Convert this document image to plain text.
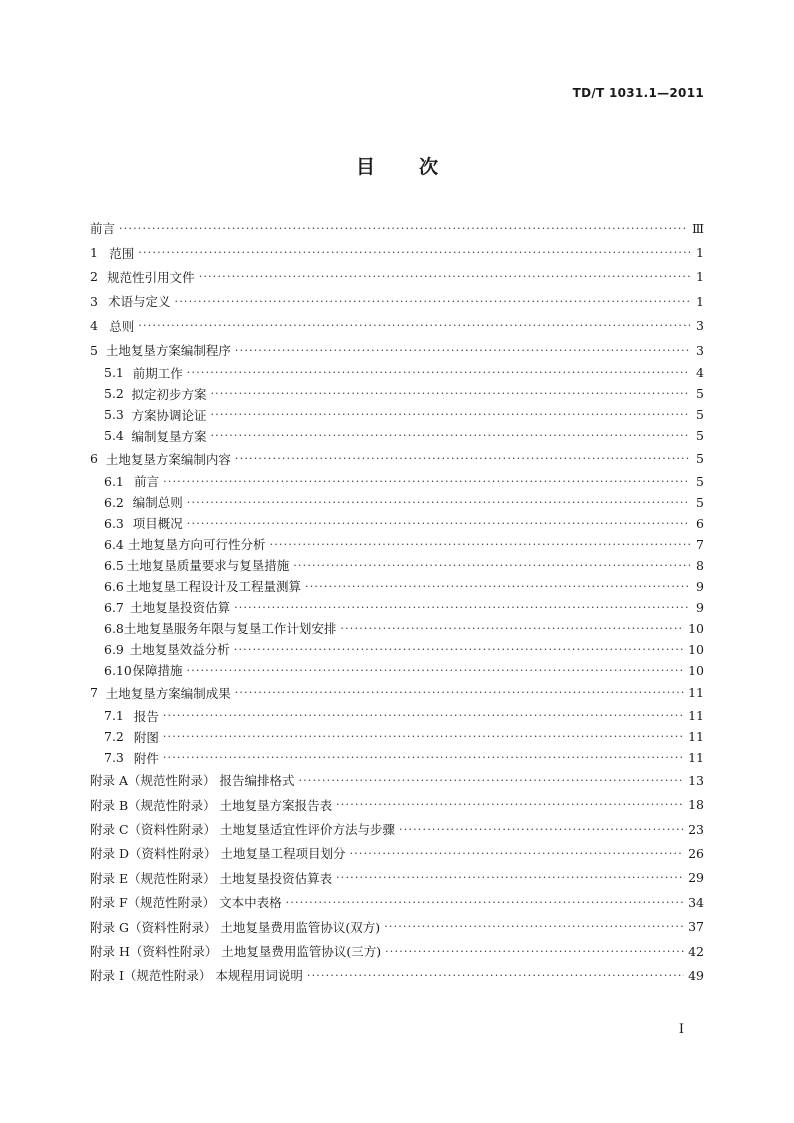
TD/T 1031.1—2011
目 次
前言 ·····	Ⅲ
1 范围 ·····	1
2 规范性引用文件 ·····	1
3 术语与定义 ·····	1
4 总则 ·····	3
5 土地复垦方案编制程序 ·····	3
5.1 前期工作 ·····	4
5.2 拟定初步方案 ·····	5
5.3 方案协调论证 ·····	5
5.4 编制复垦方案 ·····	5
6 土地复垦方案编制内容 ·····	5
6.1 前言 ·····	5
6.2 编制总则 ·····	5
6.3 项目概况 ·····	6
6.4 土地复垦方向可行性分析 ·····	7
6.5 土地复垦质量要求与复垦措施 ·····	8
6.6 土地复垦工程设计及工程量测算 ·····	9
6.7 土地复垦投资估算 ·····	9
6.8 土地复垦服务年限与复垦工作计划安排 ·····	10
6.9 土地复垦效益分析 ·····	10
6.10 保障措施 ·····	10
7 土地复垦方案编制成果 ·····	11
7.1 报告 ·····	11
7.2 附图 ·····	11
7.3 附件 ·····	11
附录 A（规范性附录） 报告编排格式 ·····	13
附录 B（规范性附录） 土地复垦方案报告表 ·····	18
附录 C（资料性附录） 土地复垦适宜性评价方法与步骤 ·····	23
附录 D（资料性附录） 土地复垦工程项目划分 ·····	26
附录 E（规范性附录） 土地复垦投资估算表 ·····	29
附录 F（规范性附录） 文本中表格 ·····	34
附录 G（资料性附录） 土地复垦费用监管协议(双方) ·····	37
附录 H（资料性附录） 土地复垦费用监管协议(三方) ·····	42
附录 I（规范性附录） 本规程用词说明 ·····	49
I
